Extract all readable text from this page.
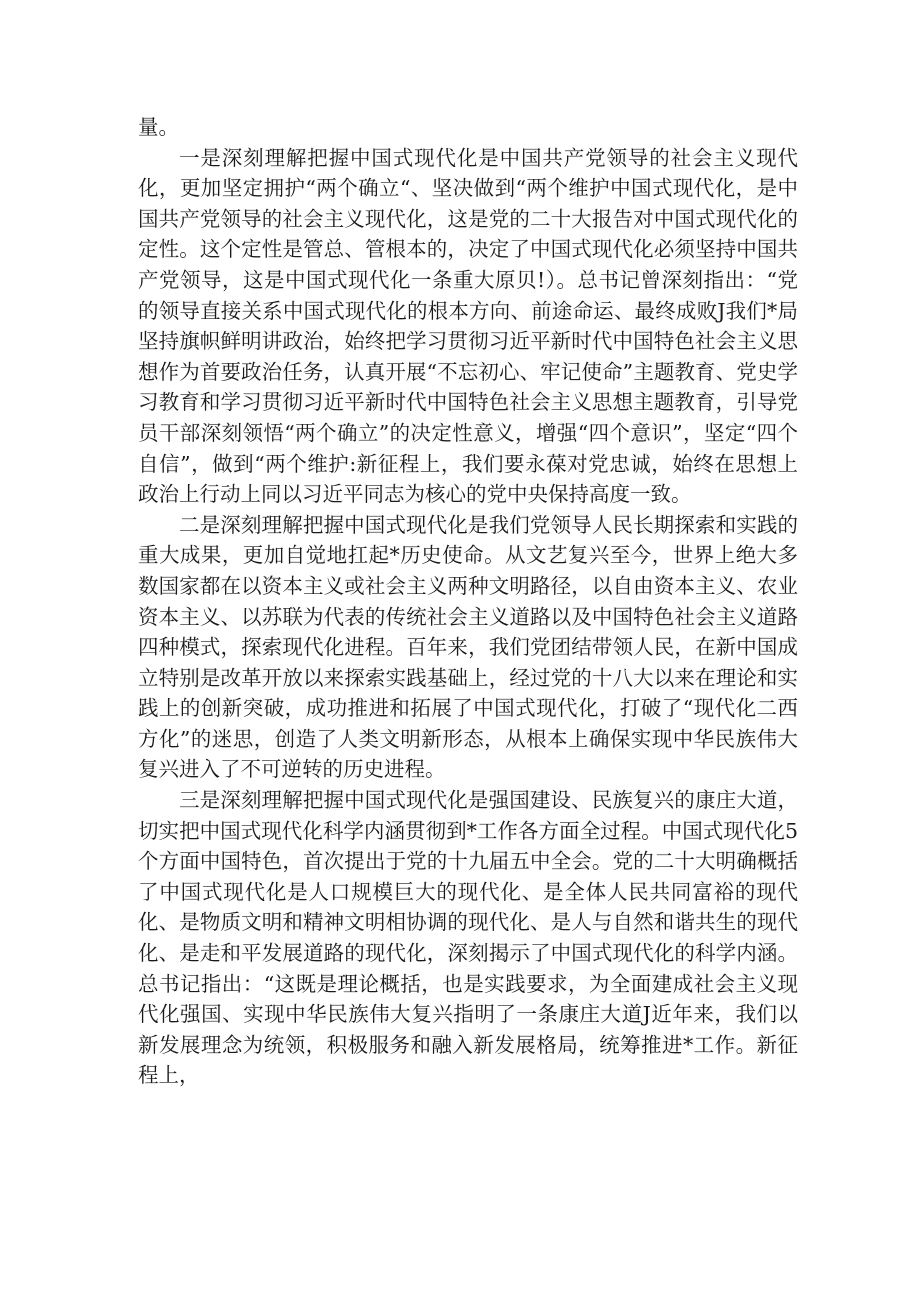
量。

一是深刻理解把握中国式现代化是中国共产党领导的社会主义现代化，更加坚定拥护“两个确立“、坚决做到“两个维护中国式现代化，是中国共产党领导的社会主义现代化，这是党的二十大报告对中国式现代化的定性。这个定性是管总、管根本的，决定了中国式现代化必须坚持中国共产党领导，这是中国式现代化一条重大原贝!）。总书记曾深刻指出：“党的领导直接关系中国式现代化的根本方向、前途命运、最终成败J我们*局坚持旗帜鲜明讲政治，始终把学习贯彻习近平新时代中国特色社会主义思想作为首要政治任务，认真开展“不忘初心、牢记使命”主题教育、党史学习教育和学习贯彻习近平新时代中国特色社会主义思想主题教育，引导党员干部深刻领悟“两个确立”的决定性意义，增强“四个意识”，坚定“四个自信”，做到“两个维护:新征程上，我们要永葆对党忠诚，始终在思想上政治上行动上同以习近平同志为核心的党中央保持高度一致。

二是深刻理解把握中国式现代化是我们党领导人民长期探索和实践的重大成果，更加自觉地扛起*历史使命。从文艺复兴至今，世界上绝大多数国家都在以资本主义或社会主义两种文明路径，以自由资本主义、农业资本主义、以苏联为代表的传统社会主义道路以及中国特色社会主义道路四种模式，探索现代化进程。百年来，我们党团结带领人民，在新中国成立特别是改革开放以来探索实践基础上，经过党的十八大以来在理论和实践上的创新突破，成功推进和拓展了中国式现代化，打破了“现代化二西方化”的迷思，创造了人类文明新形态，从根本上确保实现中华民族伟大复兴进入了不可逆转的历史进程。

三是深刻理解把握中国式现代化是强国建设、民族复兴的康庄大道，切实把中国式现代化科学内涵贯彻到*工作各方面全过程。中国式现代化5个方面中国特色，首次提出于党的十九届五中全会。党的二十大明确概括了中国式现代化是人口规模巨大的现代化、是全体人民共同富裕的现代化、是物质文明和精神文明相协调的现代化、是人与自然和谐共生的现代化、是走和平发展道路的现代化，深刻揭示了中国式现代化的科学内涵。总书记指出：“这既是理论概括，也是实践要求，为全面建成社会主义现代化强国、实现中华民族伟大复兴指明了一条康庄大道J近年来，我们以新发展理念为统领，积极服务和融入新发展格局，统筹推进*工作。新征程上，
